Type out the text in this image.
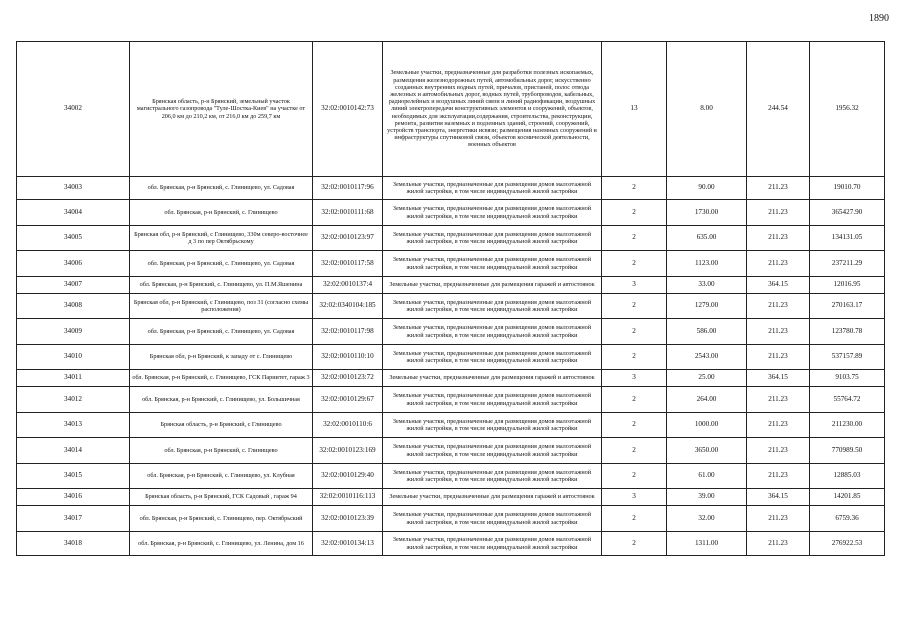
1890
34002	Брянская область, р-н Брянский, земельный участок магистрального газопровода "Туле-Шостка-Киев" на участке от 206,0 км до 210,2 км, от 216,0 км до 259,7 км	32:02:0010142:73	Земельные участки, предназначенные для разработки полезных ископаемых, размещения железнодорожных путей, автомобильных дорог, искусственно созданных внутренних водных путей, причалов, пристаней, полос отвода железных и автомобильных дорог, водных путей, трубопроводов, кабельных, радиорелейных и воздушных линий связи и линий радиофикации, воздушных линий электропередачи конструктивных элементов и сооружений, объектов, необходимых для эксплуатации,содержания, строительства, реконструкции, ремонта, развития наземных и подземных зданий, строений, сооружений, устройств транспорта, энергетики исвязи; размещения наземных сооружений и инфраструктуры спутниковой связи, объектов космической деятельности, военных объектов	13	8.00	244.54	1956.32
34003	обл. Брянская, р-н Брянский, с. Глинищево, ул. Садовая	32:02:0010117:96	Земельные участки, предназначенные для размещения домов малоэтажной жилой застройки, в том числе индивидуальной жилой застройки	2	90.00	211.23	19010.70
34004	обл. Брянская, р-н Брянский, с. Глинищево	32:02:0010111:68	Земельные участки, предназначенные для размещения домов малоэтажной жилой застройки, в том числе индивидуальной жилой застройки	2	1730.00	211.23	365427.90
34005	Брянская обл, р-н Брянский, с Глинищево, 330м северо-восточнее д 3 по пер Октябрьскому	32:02:0010123:97	Земельные участки, предназначенные для размещения домов малоэтажной жилой застройки, в том числе индивидуальной жилой застройки	2	635.00	211.23	134131.05
34006	обл. Брянская, р-н Брянский, с. Глинищево, ул. Садовая	32:02:0010117:58	Земельные участки, предназначенные для размещения домов малоэтажной жилой застройки, в том числе индивидуальной жилой застройки	2	1123.00	211.23	237211.29
34007	обл. Брянская, р-н Брянский, с. Глинищево, ул. П.М.Яшенина	32:02:0010137:4	Земельные участки, предназначенные для размещения гаражей и автостоянок	3	33.00	364.15	12016.95
34008	Брянская обл, р-н Брянский, с Глинищево, поз 31 (согласно схемы расположения)	32:02:0340104:185	Земельные участки, предназначенные для размещения домов малоэтажной жилой застройки, в том числе индивидуальной жилой застройки	2	1279.00	211.23	270163.17
34009	обл. Брянская, р-н Брянский, с. Глинищево, ул. Садовая	32:02:0010117:98	Земельные участки, предназначенные для размещения домов малоэтажной жилой застройки, в том числе индивидуальной жилой застройки	2	586.00	211.23	123780.78
34010	Брянская обл, р-н Брянский, к западу от с. Глинищево	32:02:0010110:10	Земельные участки, предназначенные для размещения домов малоэтажной жилой застройки, в том числе индивидуальной жилой застройки	2	2543.00	211.23	537157.89
34011	обл. Брянская, р-н Брянский, с. Глинищево, ГСК Париитет, гараж 3	32:02:0010123:72	Земельные участки, предназначенные для размещения гаражей и автостоянок	3	25.00	364.15	9103.75
34012	обл. Брянская, р-н Брянский, с. Глинищево, ул. Большичная	32:02:0010129:67	Земельные участки, предназначенные для размещения домов малоэтажной жилой застройки, в том числе индивидуальной жилой застройки	2	264.00	211.23	55764.72
34013	Брянская область, р-н Брянский, с Глинищево	32:02:0010110:6	Земельные участки, предназначенные для размещения домов малоэтажной жилой застройки, в том числе индивидуальной жилой застройки	2	1000.00	211.23	211230.00
34014	обл. Брянская, р-н Брянский, с. Глинищево	32:02:0010123:169	Земельные участки, предназначенные для размещения домов малоэтажной жилой застройки, в том числе индивидуальной жилой застройки	2	3650.00	211.23	770989.50
34015	обл. Брянская, р-н Брянский, с. Глинищево, ул. Клубная	32:02:0010129:40	Земельные участки, предназначенные для размещения домов малоэтажной жилой застройки, в том числе индивидуальной жилой застройки	2	61.00	211.23	12885.03
34016	Брянская область, р-н Брянский, ГСК Садовый , гараж 94	32:02:0010116:113	Земельные участки, предназначенные для размещения гаражей и автостоянок	3	39.00	364.15	14201.85
34017	обл. Брянская, р-н Брянский, с. Глинищево, пер. Октябрьский	32:02:0010123:39	Земельные участки, предназначенные для размещения домов малоэтажной жилой застройки, в том числе индивидуальной жилой застройки	2	32.00	211.23	6759.36
34018	обл. Брянская, р-н Брянский, с. Глинищево, ул. Ленина, дом 16	32:02:0010134:13	Земельные участки, предназначенные для размещения домов малоэтажной жилой застройки, в том числе индивидуальной жилой застройки	2	1311.00	211.23	276922.53
